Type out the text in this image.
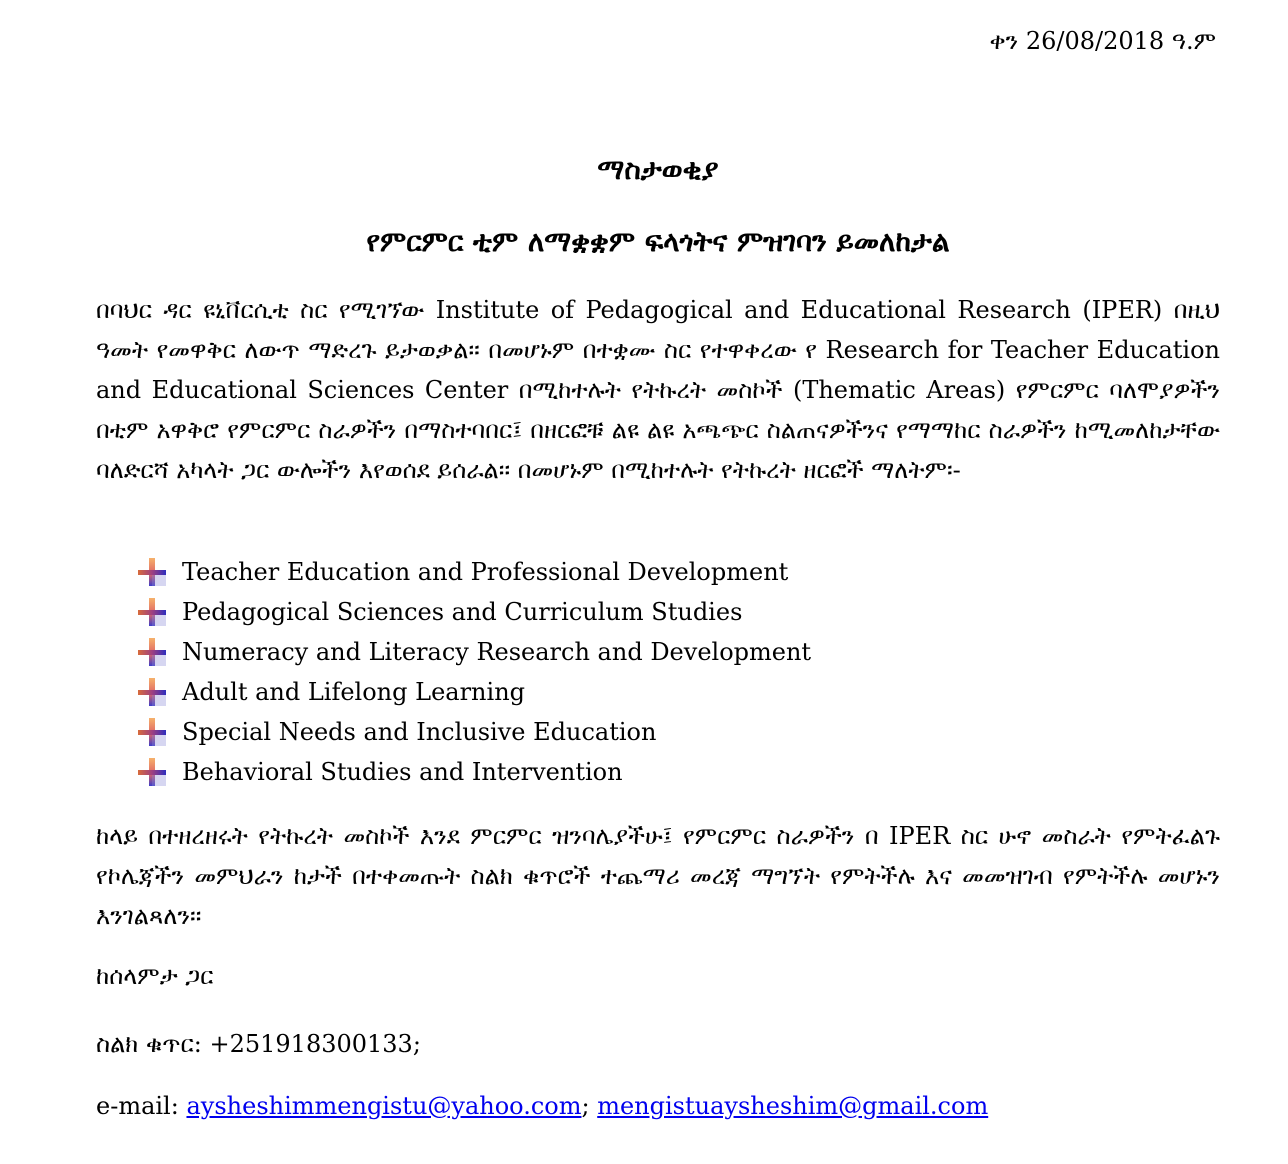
ቀን 26/08/2018 ዓ.ም
ማስታወቂያ
የምርምር ቲም ለማቋቋም ፍላጎትና ምዝገባን ይመለከታል
በባህር ዳር ዩኒቨርሲቲ ስር የሚገኘው Institute of Pedagogical and Educational Research (IPER) በዚህ ዓመት የመዋቅር ለውጥ ማድረጉ ይታወቃል፡፡ በመሆኑም በተቋሙ ስር የተዋቀረው የ Research for Teacher Education and Educational Sciences Center በሚከተሉት የትኩረት መስኮች (Thematic Areas) የምርምር ባለሞያዎችን በቲም አዋቅሮ የምርምር ስራዎችን በማስተባበር፤ በዘርፎቹ ልዩ ልዩ አጫጭር ስልጠናዎችንና የማማከር ስራዎችን ከሚመለከታቸው ባለድርሻ አካላት ጋር ውሎችን እየወሰደ ይሰራል፡፡ በመሆኑም በሚከተሉት የትኩረት ዘርፎች ማለትም፡-
Teacher Education and Professional Development
Pedagogical Sciences and Curriculum Studies
Numeracy and Literacy Research and Development
Adult and Lifelong Learning
Special Needs and Inclusive Education
Behavioral Studies and Intervention
ከላይ በተዘረዘሩት የትኩረት መስኮች እንደ ምርምር ዝንባሌያችሁ፤ የምርምር ስራዎችን በ IPER ስር ሁኖ መስራት የምትፈልጉ የኮሌጃችን መምህራን ከታች በተቀመጡት ስልክ ቁጥሮች ተጨማሪ መረጃ ማግኘት የምትችሉ እና መመዝገብ የምትችሉ መሆኑን እንገልጻለን፡፡
ከሰላምታ ጋር
ስልክ ቁጥር: +251918300133;
e-mail: aysheshimmengistu@yahoo.com; mengistuaysheshim@gmail.com
